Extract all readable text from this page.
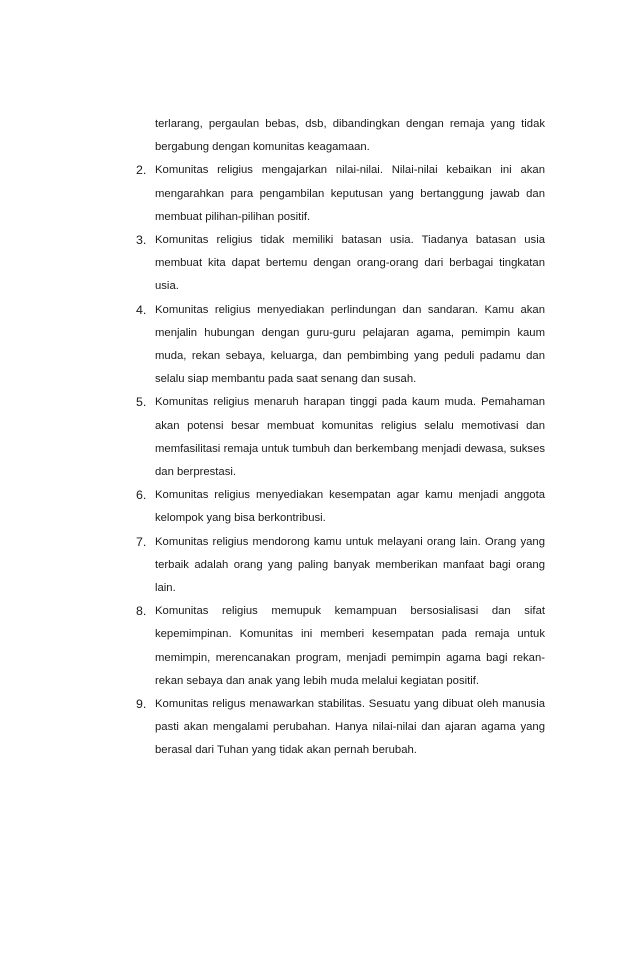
terlarang, pergaulan bebas, dsb, dibandingkan dengan remaja yang tidak bergabung dengan komunitas keagamaan.

2. Komunitas religius mengajarkan nilai-nilai. Nilai-nilai kebaikan ini akan mengarahkan para pengambilan keputusan yang bertanggung jawab dan membuat pilihan-pilihan positif.
3. Komunitas religius tidak memiliki batasan usia. Tiadanya batasan usia membuat kita dapat bertemu dengan orang-orang dari berbagai tingkatan usia.
4. Komunitas religius menyediakan perlindungan dan sandaran. Kamu akan menjalin hubungan dengan guru-guru pelajaran agama, pemimpin kaum muda, rekan sebaya, keluarga, dan pembimbing yang peduli padamu dan selalu siap membantu pada saat senang dan susah.
5. Komunitas religius menaruh harapan tinggi pada kaum muda. Pemahaman akan potensi besar membuat komunitas religius selalu memotivasi dan memfasilitasi remaja untuk tumbuh dan berkembang menjadi dewasa, sukses dan berprestasi.
6. Komunitas religius menyediakan kesempatan agar kamu menjadi anggota kelompok yang bisa berkontribusi.
7. Komunitas religius mendorong kamu untuk melayani orang lain. Orang yang terbaik adalah orang yang paling banyak memberikan manfaat bagi orang lain.
8. Komunitas religius memupuk kemampuan bersosialisasi dan sifat kepemimpinan. Komunitas ini memberi kesempatan pada remaja untuk memimpin, merencanakan program, menjadi pemimpin agama bagi rekan-rekan sebaya dan anak yang lebih muda melalui kegiatan positif.
9. Komunitas religus menawarkan stabilitas. Sesuatu yang dibuat oleh manusia pasti akan mengalami perubahan. Hanya nilai-nilai dan ajaran agama yang berasal dari Tuhan yang tidak akan pernah berubah.
